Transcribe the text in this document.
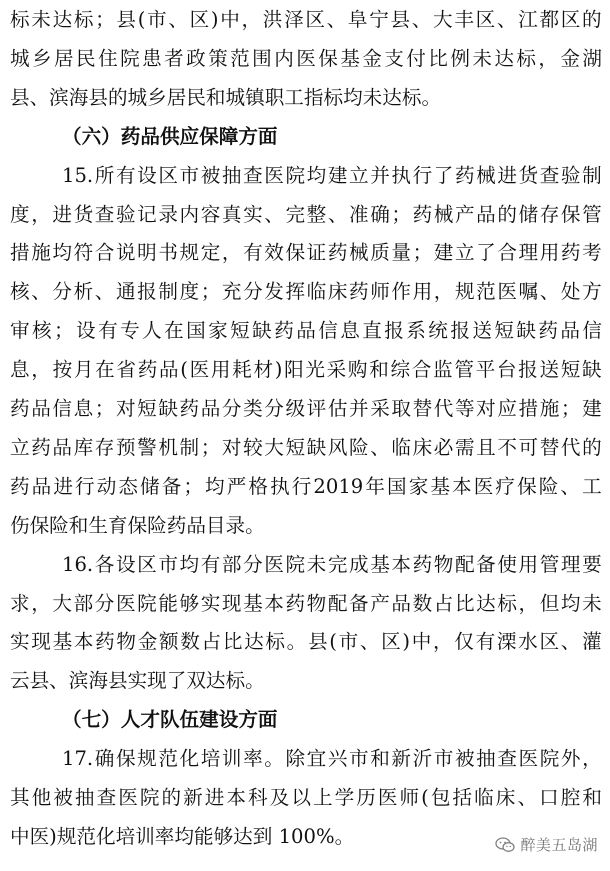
标 未 达 标 ； 县 ( 市 、 区 ) 中 ， 洪 泽 区 、 阜 宁 县 、 大 丰 区 、 江 都 区 的
城 乡 居 民 住 院 患 者 政 策 范 围 内 医 保 基 金 支 付 比 例 未 达 标 ， 金 湖
县、滨海县的城乡居民和城镇职工指标均未达标。
（六）药品供应保障方面
15. 所 有 设 区 市 被 抽 查 医 院 均 建 立 并 执 行 了 药 械 进 货 查 验 制
度 ， 进 货 查 验 记 录 内 容 真 实 、 完 整 、 准 确 ； 药 械 产 品 的 储 存 保 管
措 施 均 符 合 说 明 书 规 定 ， 有 效 保 证 药 械 质 量 ； 建 立 了 合 理 用 药 考
核 、 分 析 、 通 报 制 度 ； 充 分 发 挥 临 床 药 师 作 用 ， 规 范 医 嘱 、 处 方
审 核 ； 设 有 专 人 在 国 家 短 缺 药 品 信 息 直 报 系 统 报 送 短 缺 药 品 信
息 ， 按 月 在 省 药 品 ( 医 用 耗 材 ) 阳 光 采 购 和 综 合 监 管 平 台 报 送 短 缺
药 品 信 息 ； 对 短 缺 药 品 分 类 分 级 评 估 并 采 取 替 代 等 对 应 措 施 ； 建
立 药 品 库 存 预 警 机 制 ； 对 较 大 短 缺 风 险 、 临 床 必 需 且 不 可 替 代 的
药 品 进 行 动 态 储 备 ； 均 严 格 执 行 2019 年 国 家 基 本 医 疗 保 险 、 工
伤保险和生育保险药品目录。
16. 各 设 区 市 均 有 部 分 医 院 未 完 成 基 本 药 物 配 备 使 用 管 理 要
求 ， 大 部 分 医 院 能 够 实 现 基 本 药 物 配 备 产 品 数 占 比 达 标 ， 但 均 未
实 现 基 本 药 物 金 额 数 占 比 达 标 。 县 ( 市 、 区 ) 中 ， 仅 有 溧 水 区 、 灌
云县、滨海县实现了双达标。
（七）人才队伍建设方面
17. 确 保 规 范 化 培 训 率 。 除 宜 兴 市 和 新 沂 市 被 抽 查 医 院 外 ，
其 他 被 抽 查 医 院 的 新 进 本 科 及 以 上 学 历 医 师 ( 包 括 临 床 、 口 腔 和
中医)规范化培训率均能够达到 100%。	醉美五岛湖
